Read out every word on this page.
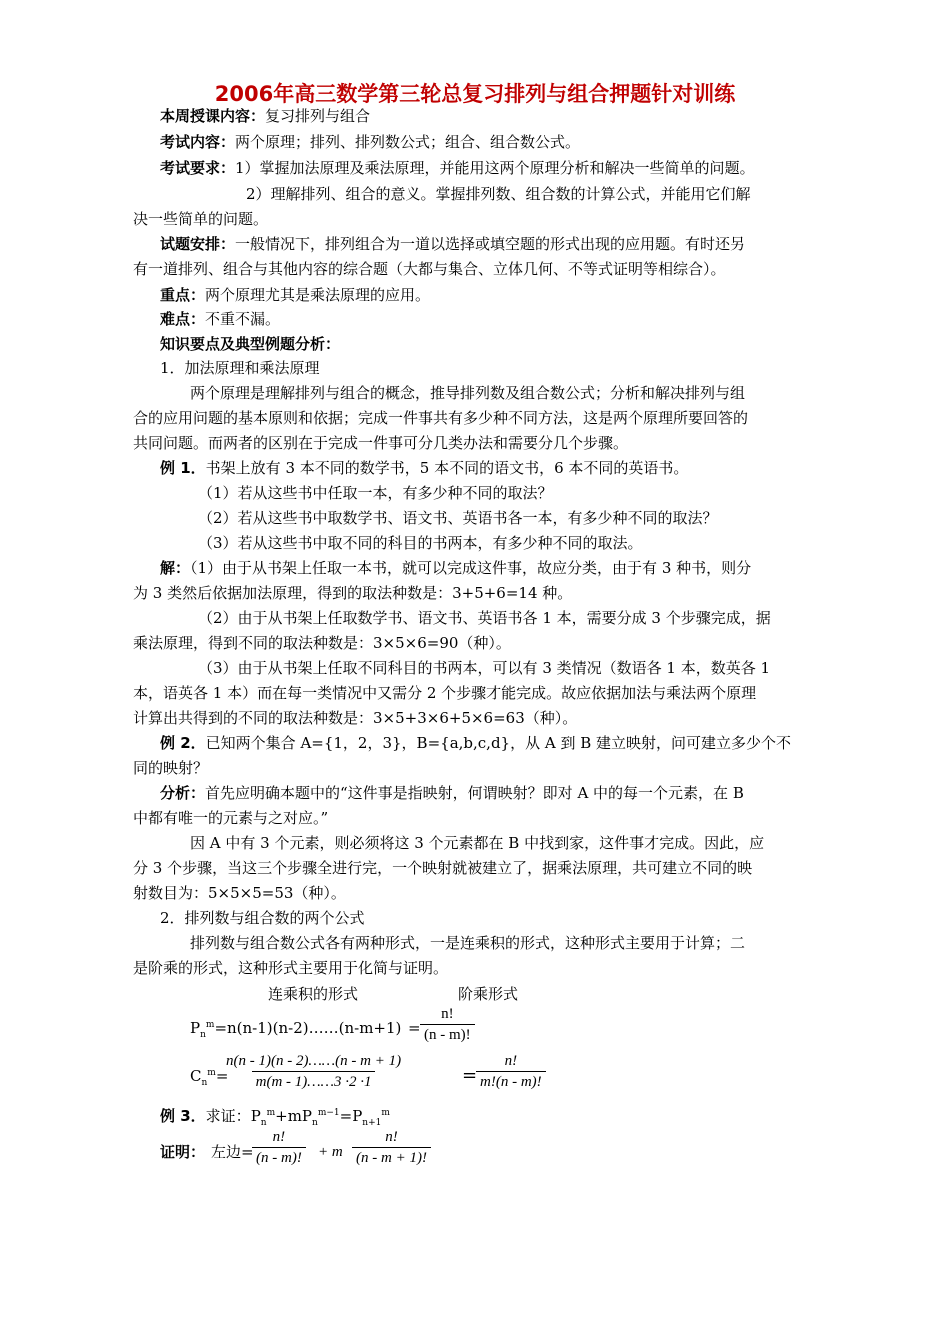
2006年高三数学第三轮总复习排列与组合押题针对训练
本周授课内容：复习排列与组合
考试内容：两个原理；排列、排列数公式；组合、组合数公式。
考试要求：1）掌握加法原理及乘法原理，并能用这两个原理分析和解决一些简单的问题。
2）理解排列、组合的意义。掌握排列数、组合数的计算公式，并能用它们解
决一些简单的问题。
试题安排：一般情况下，排列组合为一道以选择或填空题的形式出现的应用题。有时还另
有一道排列、组合与其他内容的综合题（大都与集合、立体几何、不等式证明等相综合）。
重点：两个原理尤其是乘法原理的应用。
难点：不重不漏。
知识要点及典型例题分析：
1．加法原理和乘法原理
两个原理是理解排列与组合的概念，推导排列数及组合数公式；分析和解决排列与组
合的应用问题的基本原则和依据；完成一件事共有多少种不同方法，这是两个原理所要回答的
共同问题。而两者的区别在于完成一件事可分几类办法和需要分几个步骤。
例 1．书架上放有 3 本不同的数学书，5 本不同的语文书，6 本不同的英语书。
（1）若从这些书中任取一本，有多少种不同的取法？
（2）若从这些书中取数学书、语文书、英语书各一本，有多少种不同的取法？
（3）若从这些书中取不同的科目的书两本，有多少种不同的取法。
解：（1）由于从书架上任取一本书，就可以完成这件事，故应分类，由于有 3 种书，则分
为 3 类然后依据加法原理，得到的取法种数是：3+5+6=14 种。
（2）由于从书架上任取数学书、语文书、英语书各 1 本，需要分成 3 个步骤完成，据
乘法原理，得到不同的取法种数是：3×5×6=90（种）。
（3）由于从书架上任取不同科目的书两本，可以有 3 类情况（数语各 1 本，数英各 1
本，语英各 1 本）而在每一类情况中又需分 2 个步骤才能完成。故应依据加法与乘法两个原理
计算出共得到的不同的取法种数是：3×5+3×6+5×6=63（种）。
例 2．已知两个集合 A={1，2，3}，B={a,b,c,d}，从 A 到 B 建立映射，问可建立多少个不
同的映射？
分析：首先应明确本题中的“这件事是指映射，何谓映射？即对 A 中的每一个元素，在 B
中都有唯一的元素与之对应。”
因 A 中有 3 个元素，则必须将这 3 个元素都在 B 中找到家，这件事才完成。因此，应
分 3 个步骤，当这三个步骤全进行完，一个映射就被建立了，据乘法原理，共可建立不同的映
射数目为：5×5×5=53（种）。
2．排列数与组合数的两个公式
排列数与组合数公式各有两种形式，一是连乘积的形式，这种形式主要用于计算；二
是阶乘的形式，这种形式主要用于化简与证明。
连乘积的形式	阶乘形式
$P_n^m=n(n-1)(n-2)\dots\dots(n-m+1) = \frac{n!}{(n - m)!}$
$C_n^m=$
$\frac{n(n - 1)(n - 2)\dots\dots(n - m + 1)}{m(m - 1)\dots\dots 3 \cdot 2 \cdot 1}$	=
$\frac{n!}{m!(n - m)!}$
例 3．求证：$P_n^m+mP_n^{m-1}=P_{n+1}^m$
证明： 左边=
$\frac{n!}{(n - m)!} + m \frac{n!}{(n - m + 1)!}$
